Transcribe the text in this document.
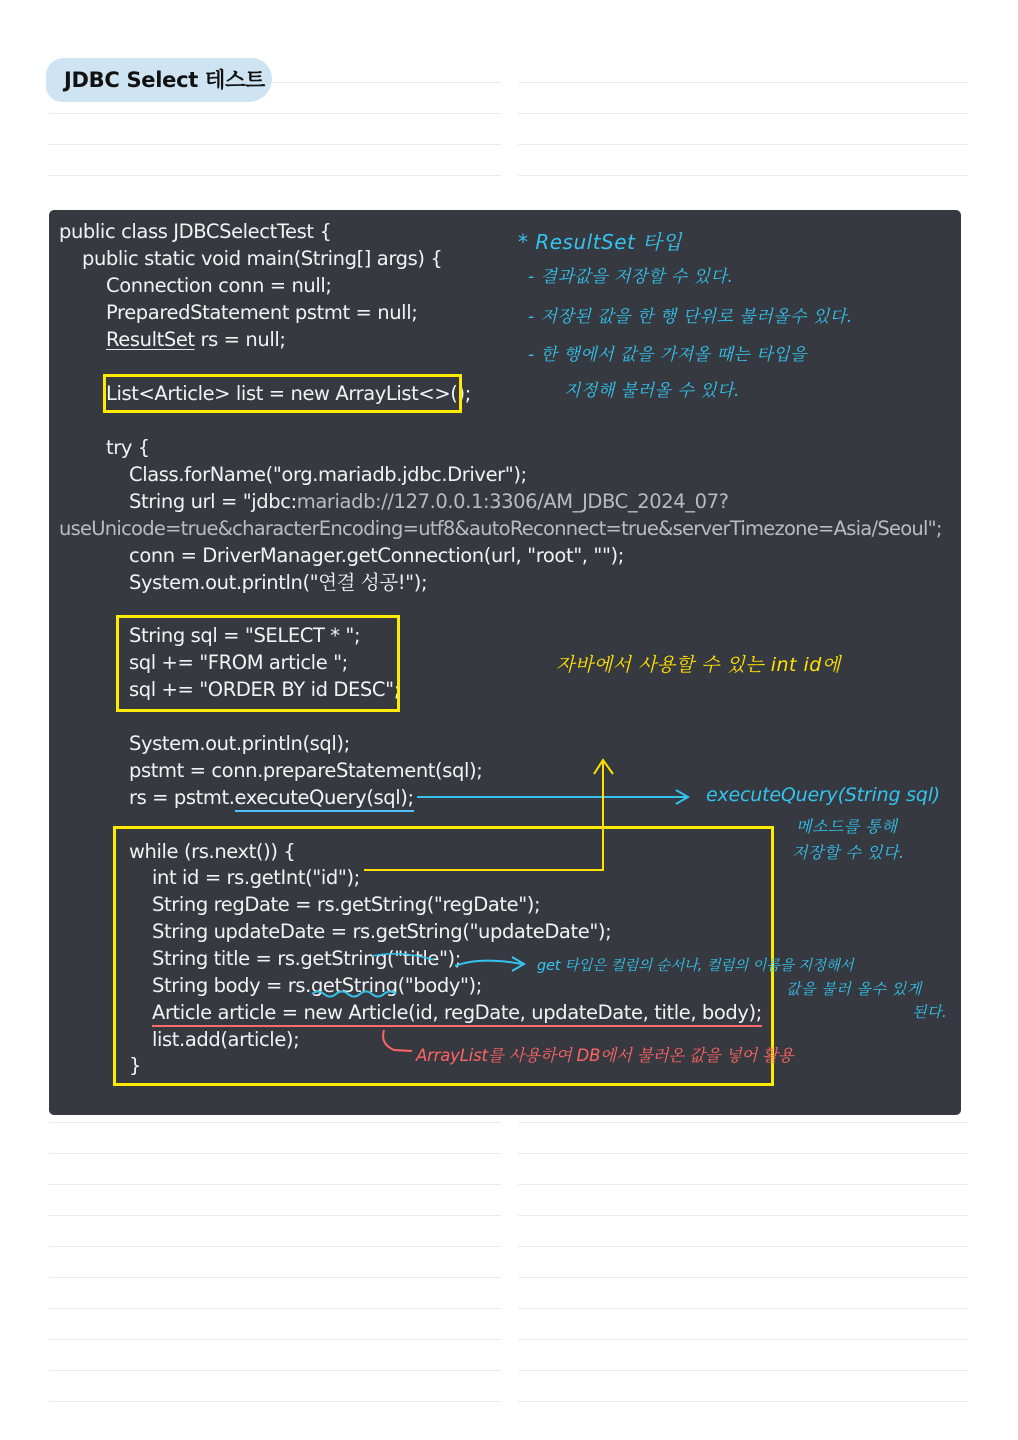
JDBC Select 테스트
public class JDBCSelectTest {
public static void main(String[] args) {
Connection conn = null;
PreparedStatement pstmt = null;
ResultSet rs = null;
List<Article> list = new ArrayList<>();
try {
Class.forName("org.mariadb.jdbc.Driver");
String url = "jdbc:mariadb://127.0.0.1:3306/AM_JDBC_2024_07?
useUnicode=true&characterEncoding=utf8&autoReconnect=true&serverTimezone=Asia/Seoul";
conn = DriverManager.getConnection(url, "root", "");
System.out.println("연결 성공!");
String sql = "SELECT * ";
sql += "FROM article ";
sql += "ORDER BY id DESC";
System.out.println(sql);
pstmt = conn.prepareStatement(sql);
rs = pstmt.executeQuery(sql);
while (rs.next()) {
int id = rs.getInt("id");
String regDate = rs.getString("regDate");
String updateDate = rs.getString("updateDate");
String title = rs.getString("title");
String body = rs.getString("body");
Article article = new Article(id, regDate, updateDate, title, body);
list.add(article);
}
* ResultSet 타입
- 결과값을 저장할 수 있다.
- 저장된 값을 한 행 단위로 불러올수 있다.
- 한 행에서 값을 가져올 때는 타입을
지정해 불러올 수 있다.
자바에서 사용할 수 있는 int id에
executeQuery(String sql)
메소드를 통해
저장할 수 있다.
get 타입은 컬럼의 순서나, 컬럼의 이름을 지정해서
값을 불러 올수 있게
된다.
ArrayList를 사용하여 DB에서 불러온 값을 넣어 활용
